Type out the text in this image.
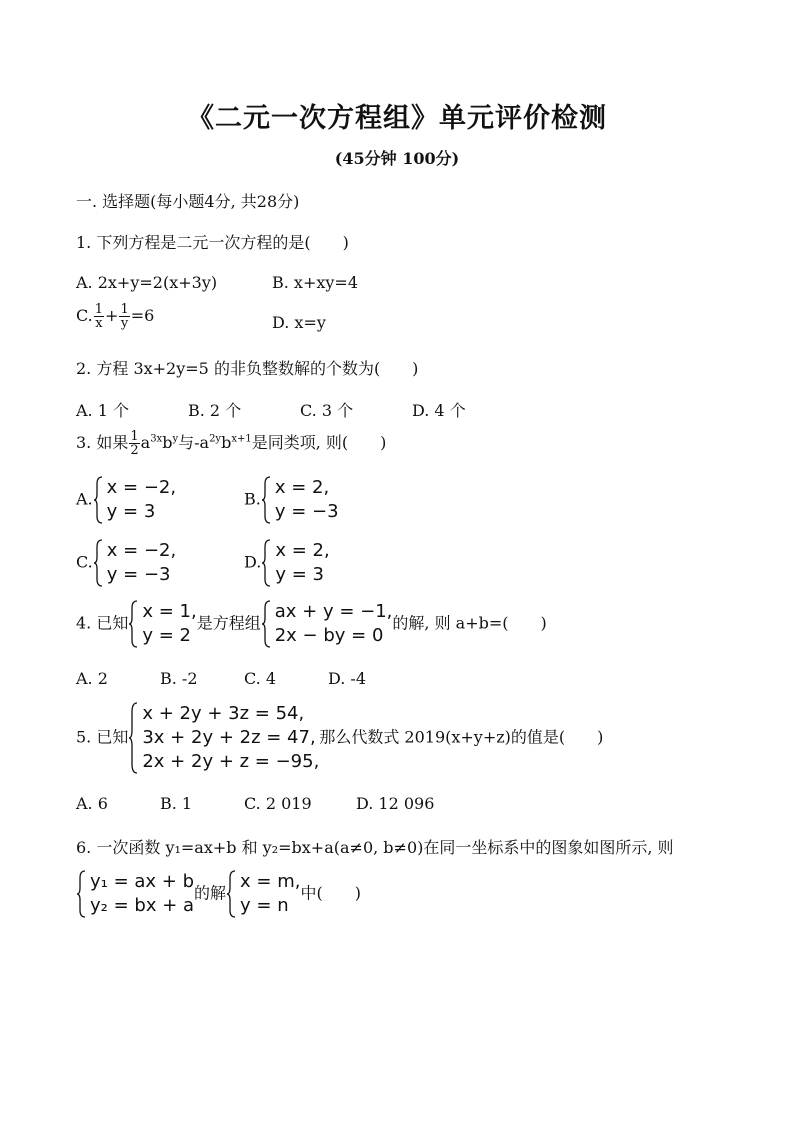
《二元一次方程组》单元评价检测
(45分钟 100分)
一. 选择题(每小题4分, 共28分)
1. 下列方程是二元一次方程的是(　　)
A. 2x+y=2(x+3y)	B. x+xy=4
C. $\frac{1}{x} + \frac{1}{y} =6$	D. x=y
2. 方程 3x+2y=5 的非负整数解的个数为(　　)
A. 1 个	B. 2 个	C. 3 个	D. 4 个
3. 如果 $\frac{1}{2} a^{3x}b^y$与$-a^{2y}b^{x+1}$是同类项, 则(　　)
A.
x = −2,
y = 3
B.
x = 2,
y = −3
C.
x = −2,
y = −3
D.
x = 2,
y = 3
4. 已知
x = 1,
y = 2
是方程组
ax + y = −1,
2x − by = 0
的解, 则 a+b=(　　)
A. 2	B. -2	C. 4	D. -4
5. 已知
x + 2y + 3z = 54,
3x + 2y + 2z = 47,
2x + 2y + z = −95,
那么代数式 2019(x+y+z)的值是(　　)
A. 6	B. 1	C. 2 019	D. 12 096
6. 一次函数 y₁=ax+b 和 y₂=bx+a(a≠0, b≠0)在同一坐标系中的图象如图所示, 则
y₁ = ax + b
y₂ = bx + a
的解
x = m,
y = n
中(　　)
